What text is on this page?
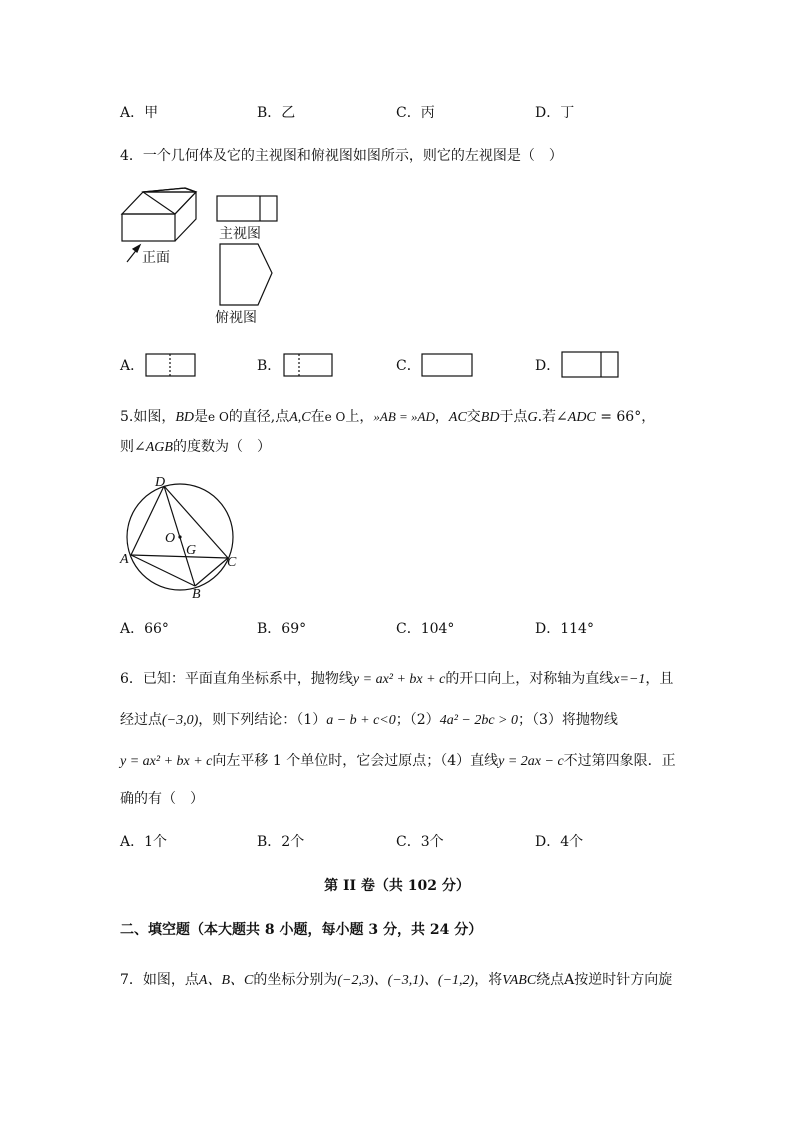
A．甲	B．乙	C．丙	D．丁
4．一个几何体及它的主视图和俯视图如图所示，则它的左视图是（　）
正面
主视图
俯视图
A．	B．	C．	D．
5.如图，BD是e O的直径,点A,C在e O上，»AB = »AD，AC交BD于点G.若∠ADC = 66°，
则∠AGB的度数为（　）
D
O
G
A	C
B
A．66°	B．69°	C．104°	D．114°
6．已知：平面直角坐标系中，抛物线y = ax² + bx + c的开口向上，对称轴为直线x=−1，且
经过点(−3,0)，则下列结论：（1）a − b + c<0；（2）4a² − 2bc > 0；（3）将抛物线
y = ax² + bx + c向左平移 1 个单位时，它会过原点；（4）直线y = 2ax − c不过第四象限．正
确的有（　）
A．1个	B．2个	C．3个	D．4个
第 II 卷（共 102 分）
二、填空题（本大题共 8 小题，每小题 3 分，共 24 分）
7．如图，点A、B、C的坐标分别为(−2,3)、(−3,1)、(−1,2)，将VABC绕点A按逆时针方向旋
